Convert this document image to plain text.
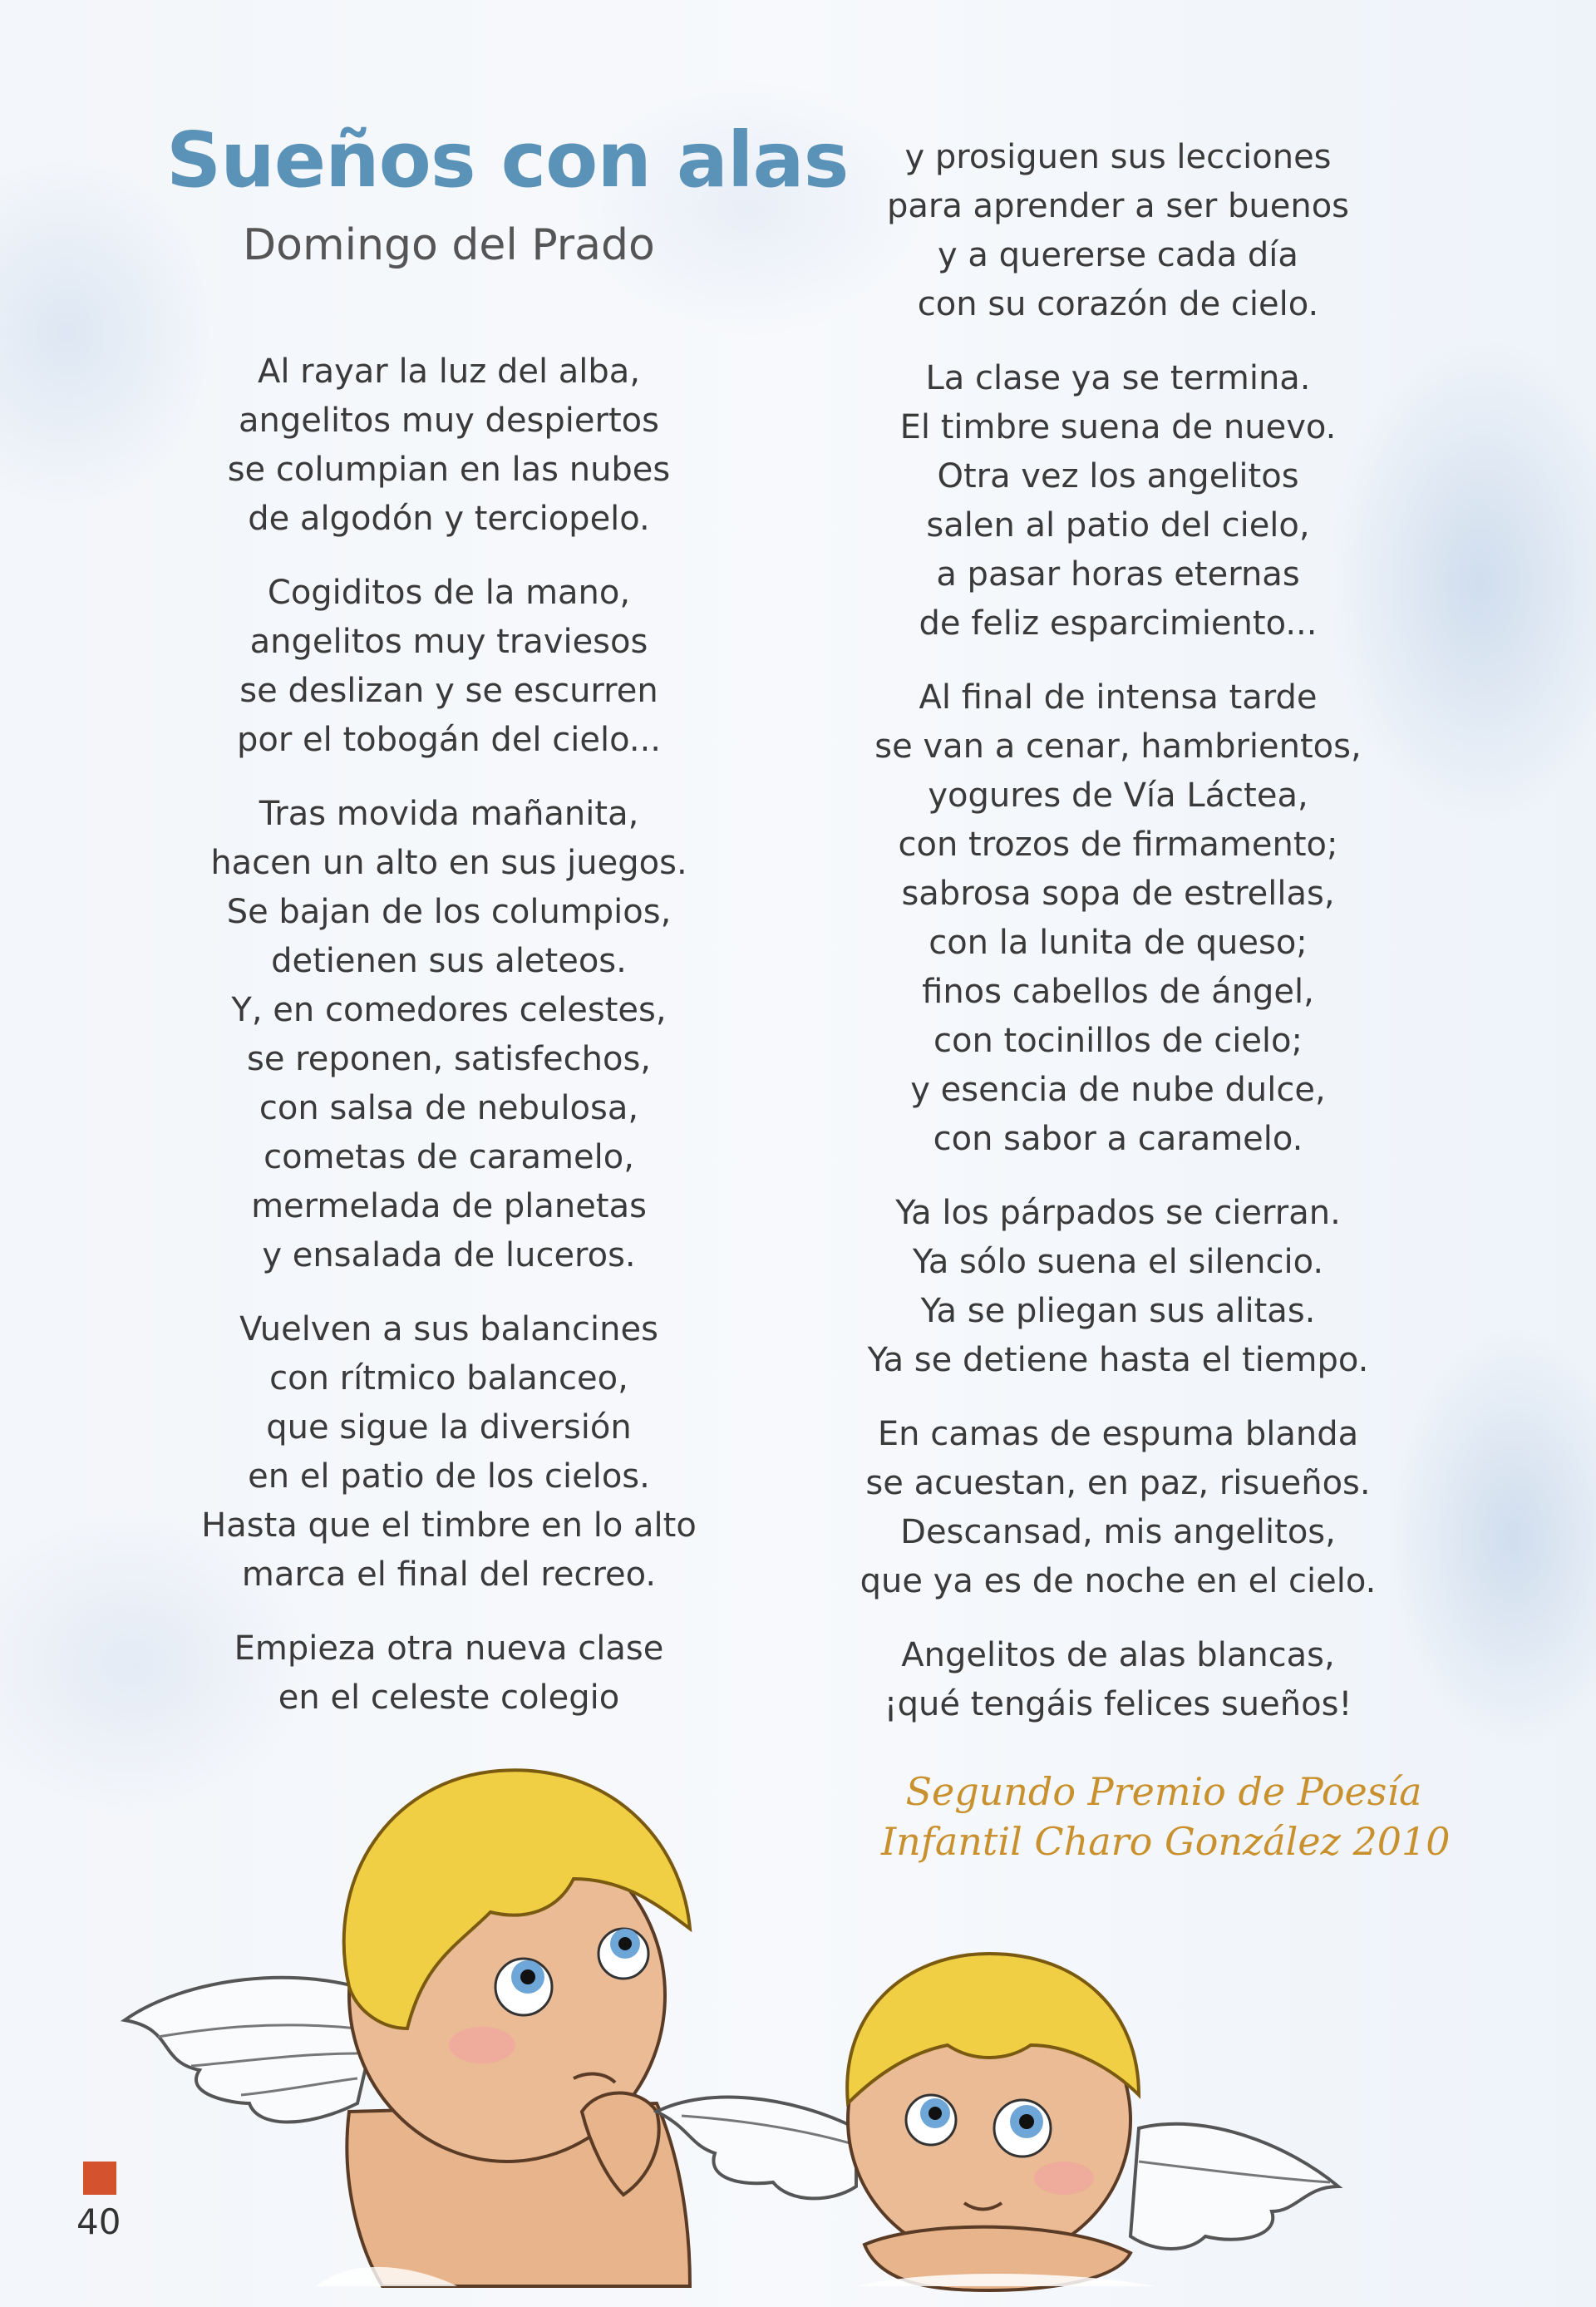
Sueños con alas
Domingo del Prado
Al rayar la luz del alba,
angelitos muy despiertos
se columpian en las nubes
de algodón y terciopelo.
Cogiditos de la mano,
angelitos muy traviesos
se deslizan y se escurren
por el tobogán del cielo...
Tras movida mañanita,
hacen un alto en sus juegos.
Se bajan de los columpios,
detienen sus aleteos.
Y, en comedores celestes,
se reponen, satisfechos,
con salsa de nebulosa,
cometas de caramelo,
mermelada de planetas
y ensalada de luceros.
Vuelven a sus balancines
con rítmico balanceo,
que sigue la diversión
en el patio de los cielos.
Hasta que el timbre en lo alto
marca el final del recreo.
Empieza otra nueva clase
en el celeste colegio
y prosiguen sus lecciones
para aprender a ser buenos
y a quererse cada día
con su corazón de cielo.
La clase ya se termina.
El timbre suena de nuevo.
Otra vez los angelitos
salen al patio del cielo,
a pasar horas eternas
de feliz esparcimiento...
Al final de intensa tarde
se van a cenar, hambrientos,
yogures de Vía Láctea,
con trozos de firmamento;
sabrosa sopa de estrellas,
con la lunita de queso;
finos cabellos de ángel,
con tocinillos de cielo;
y esencia de nube dulce,
con sabor a caramelo.
Ya los párpados se cierran.
Ya sólo suena el silencio.
Ya se pliegan sus alitas.
Ya se detiene hasta el tiempo.
En camas de espuma blanda
se acuestan, en paz, risueños.
Descansad, mis angelitos,
que ya es de noche en el cielo.
Angelitos de alas blancas,
¡qué tengáis felices sueños!
Segundo Premio de Poesía
Infantil Charo González 2010
40
